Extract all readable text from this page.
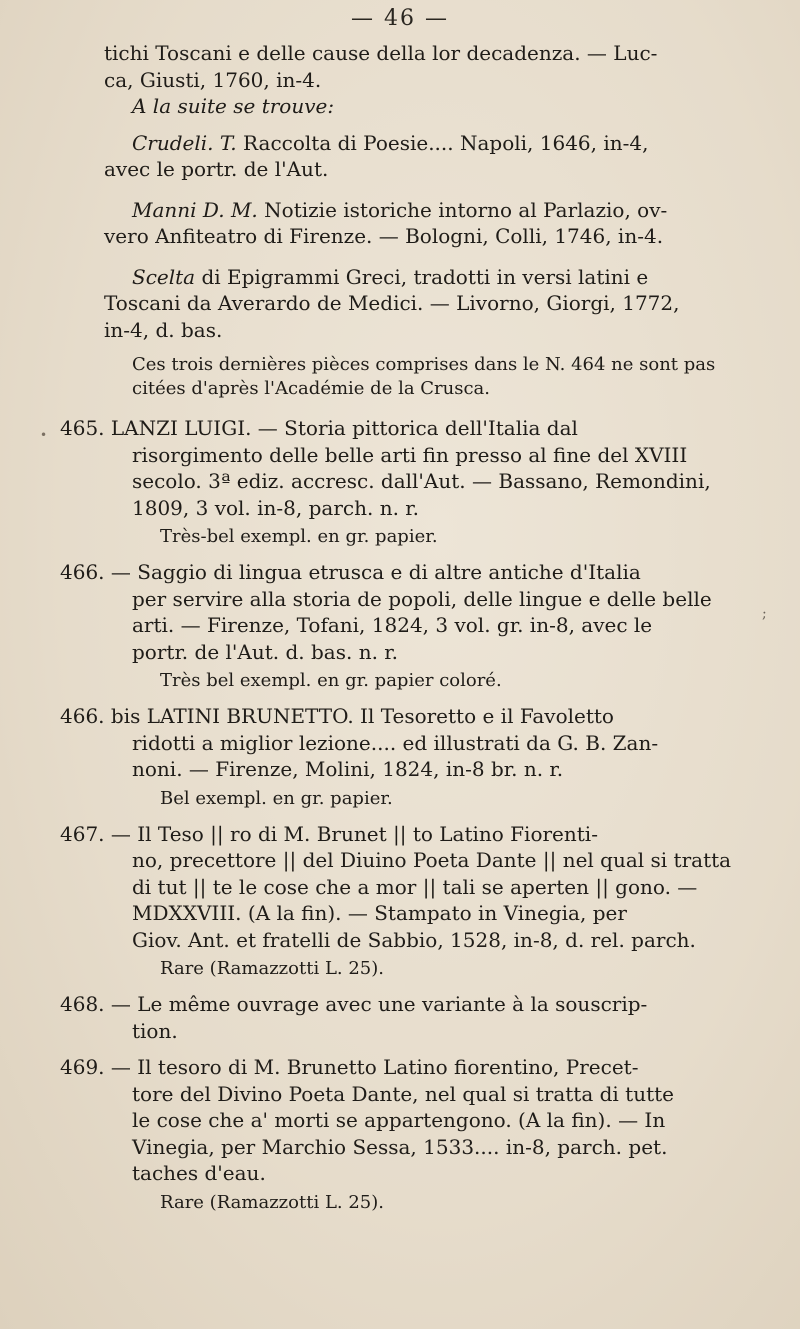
— 46 —
•

tichi Toscani e delle cause della lor decadenza. — Luc-

ca, Giusti, 1760, in-4.

A la suite se trouve:

Crudeli. T. Raccolta di Poesie.... Napoli, 1646, in-4,

avec le portr. de l'Aut.

Manni D. M. Notizie istoriche intorno al Parlazio, ov-

vero Anfiteatro di Firenze. — Bologni, Colli, 1746, in-4.

Scelta di Epigrammi Greci, tradotti in versi latini e

Toscani da Averardo de Medici. — Livorno, Giorgi, 1772,

in-4, d. bas.

Ces trois dernières pièces comprises dans le N. 464 ne sont pas citées d'après l'Académie de la Crusca.

465. LANZI LUIGI. — Storia pittorica dell'Italia dal

risorgimento delle belle arti fin presso al fine del XVIII

secolo. 3ª ediz. accresc. dall'Aut. — Bassano, Remondini,

1809, 3 vol. in-8, parch. n. r.

Très-bel exempl. en gr. papier.

466. — Saggio di lingua etrusca e di altre antiche d'Italia

per servire alla storia de popoli, delle lingue e delle belle

arti. — Firenze, Tofani, 1824, 3 vol. gr. in-8, avec le

portr. de l'Aut. d. bas. n. r.

Très bel exempl. en gr. papier coloré.

466. bis LATINI BRUNETTO. Il Tesoretto e il Favoletto

ridotti a miglior lezione.... ed illustrati da G. B. Zan-

noni. — Firenze, Molini, 1824, in-8 br. n. r.

Bel exempl. en gr. papier.

467. — Il Teso || ro di M. Brunet || to Latino Fiorenti-

no, precettore || del Diuino Poeta Dante || nel qual si tratta

di tut || te le cose che a mor || tali se aperten || gono. —

MDXXVIII. (A la fin). — Stampato in Vinegia, per

Giov. Ant. et fratelli de Sabbio, 1528, in-8, d. rel. parch.

Rare (Ramazzotti L. 25).

468. — Le même ouvrage avec une variante à la souscrip-

tion.

469. — Il tesoro di M. Brunetto Latino fiorentino, Precet-

tore del Divino Poeta Dante, nel qual si tratta di tutte

le cose che a' morti se appartengono. (A la fin). — In

Vinegia, per Marchio Sessa, 1533.... in-8, parch. pet.

taches d'eau.

Rare (Ramazzotti L. 25).

;
